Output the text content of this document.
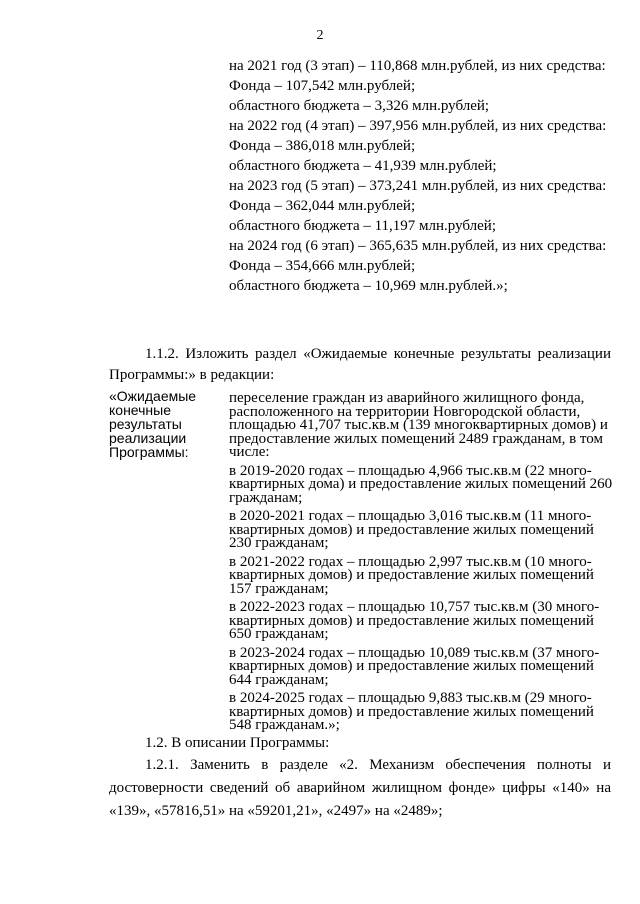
2

на 2021 год (3 этап) – 110,868 млн.рублей, из них средства:

Фонда – 107,542 млн.рублей;

областного бюджета – 3,326 млн.рублей;

на 2022 год (4 этап) – 397,956 млн.рублей, из них средства:

Фонда – 386,018 млн.рублей;

областного бюджета – 41,939 млн.рублей;

на 2023 год (5 этап) – 373,241 млн.рублей, из них средства:

Фонда – 362,044 млн.рублей;

областного бюджета – 11,197 млн.рублей;

на 2024 год (6 этап) – 365,635 млн.рублей, из них средства:

Фонда – 354,666 млн.рублей;

областного бюджета – 10,969 млн.рублей.»;

1.1.2. Изложить раздел «Ожидаемые конечные результаты реализации Программы:» в редакции:
«Ожидаемые конечные результаты реализации Программы:

переселение граждан из аварийного жилищного фонда, расположенного на территории Новгородской области, площадью 41,707 тыс.кв.м (139 многоквартирных домов) и предоставление жилых помещений 2489 гражданам, в том числе:

в 2019-2020 годах – площадью 4,966 тыс.кв.м (22 много-квартирных дома) и предоставление жилых помещений 260 гражданам;

в 2020-2021 годах – площадью 3,016 тыс.кв.м (11 много-квартирных домов) и предоставление жилых помещений 230 гражданам;

в 2021-2022 годах – площадью 2,997 тыс.кв.м (10 много-квартирных домов) и предоставление жилых помещений 157 гражданам;

в 2022-2023 годах – площадью 10,757 тыс.кв.м (30 много-квартирных домов) и предоставление жилых помещений 650 гражданам;

в 2023-2024 годах – площадью 10,089 тыс.кв.м (37 много-квартирных домов) и предоставление жилых помещений 644 гражданам;

в 2024-2025 годах – площадью 9,883 тыс.кв.м (29 много-квартирных домов) и предоставление жилых помещений 548 гражданам.»;

1.2. В описании Программы:
1.2.1. Заменить в разделе «2. Механизм обеспечения полноты и достоверности сведений об аварийном жилищном фонде» цифры «140» на «139», «57816,51» на «59201,21», «2497» на «2489»;
